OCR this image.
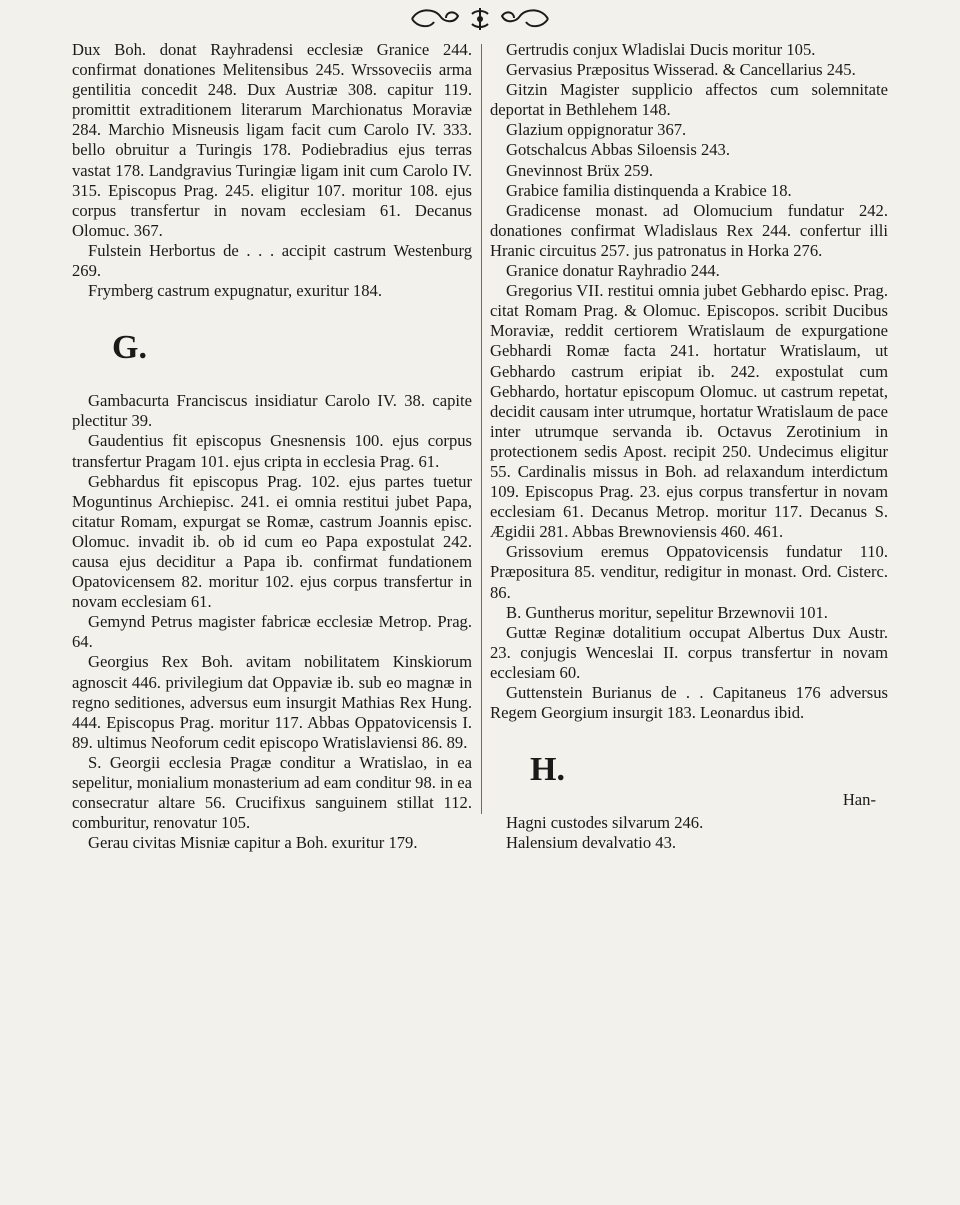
Dux Boh. donat Rayhradensi ecclesiæ Granice 244. confirmat donationes Melitensibus 245. Wrssoveciis arma gentilitia concedit 248. Dux Austriæ 308. capitur 119. promittit extraditionem literarum Marchionatus Moraviæ 284. Marchio Misneusis ligam facit cum Carolo IV. 333. bello obruitur a Turingis 178. Podiebradius ejus terras vastat 178. Landgravius Turingiæ ligam init cum Carolo IV. 315. Episcopus Prag. 245. eligitur 107. moritur 108. ejus corpus transfertur in novam ecclesiam 61. Decanus Olomuc. 367.

Fulstein Herbortus de . . . accipit castrum Westenburg 269.

Frymberg castrum expugnatur, exuritur 184.

G.

Gambacurta Franciscus insidiatur Carolo IV. 38. capite plectitur 39.

Gaudentius fit episcopus Gnesnensis 100. ejus corpus transfertur Pragam 101. ejus cripta in ecclesia Prag. 61.

Gebhardus fit episcopus Prag. 102. ejus partes tuetur Moguntinus Archiepisc. 241. ei omnia restitui jubet Papa, citatur Romam, expurgat se Romæ, castrum Joannis episc. Olomuc. invadit ib. ob id cum eo Papa expostulat 242. causa ejus deciditur a Papa ib. confirmat fundationem Opatovicensem 82. moritur 102. ejus corpus transfertur in novam ecclesiam 61.

Gemynd Petrus magister fabricæ ecclesiæ Metrop. Prag. 64.

Georgius Rex Boh. avitam nobilitatem Kinskiorum agnoscit 446. privilegium dat Oppaviæ ib. sub eo magnæ in regno seditiones, adversus eum insurgit Mathias Rex Hung. 444. Episcopus Prag. moritur 117. Abbas Oppatovicensis I. 89. ultimus Neoforum cedit episcopo Wratislaviensi 86. 89.

S. Georgii ecclesia Pragæ conditur a Wratislao, in ea sepelitur, monialium monasterium ad eam conditur 98. in ea consecratur altare 56. Crucifixus sanguinem stillat 112. comburitur, renovatur 105.

Gerau civitas Misniæ capitur a Boh. exuritur 179.

Gertrudis conjux Wladislai Ducis moritur 105.

Gervasius Præpositus Wisserad. & Cancellarius 245.

Gitzin Magister supplicio affectos cum solemnitate deportat in Bethlehem 148.

Glazium oppignoratur 367.

Gotschalcus Abbas Siloensis 243.

Gnevinnost Brüx 259.

Grabice familia distinquenda a Krabice 18.

Gradicense monast. ad Olomucium fundatur 242. donationes confirmat Wladislaus Rex 244. confertur illi Hranic circuitus 257. jus patronatus in Horka 276.

Granice donatur Rayhradio 244.

Gregorius VII. restitui omnia jubet Gebhardo episc. Prag. citat Romam Prag. & Olomuc. Episcopos. scribit Ducibus Moraviæ, reddit certiorem Wratislaum de expurgatione Gebhardi Romæ facta 241. hortatur Wratislaum, ut Gebhardo castrum eripiat ib. 242. expostulat cum Gebhardo, hortatur episcopum Olomuc. ut castrum repetat, decidit causam inter utrumque, hortatur Wratislaum de pace inter utrumque servanda ib. Octavus Zerotinium in protectionem sedis Apost. recipit 250. Undecimus eligitur 55. Cardinalis missus in Boh. ad relaxandum interdictum 109. Episcopus Prag. 23. ejus corpus transfertur in novam ecclesiam 61. Decanus Metrop. moritur 117. Decanus S. Ægidii 281. Abbas Brewnoviensis 460. 461.

Grissovium eremus Oppatovicensis fundatur 110. Præpositura 85. venditur, redigitur in monast. Ord. Cisterc. 86.

B. Guntherus moritur, sepelitur Brzewnovii 101.

Guttæ Reginæ dotalitium occupat Albertus Dux Austr. 23. conjugis Wenceslai II. corpus transfertur in novam ecclesiam 60.

Guttenstein Burianus de . . Capitaneus 176 adversus Regem Georgium insurgit 183. Leonardus ibid.

H.

Hagni custodes silvarum 246.

Halensium devalvatio 43.

Han-
